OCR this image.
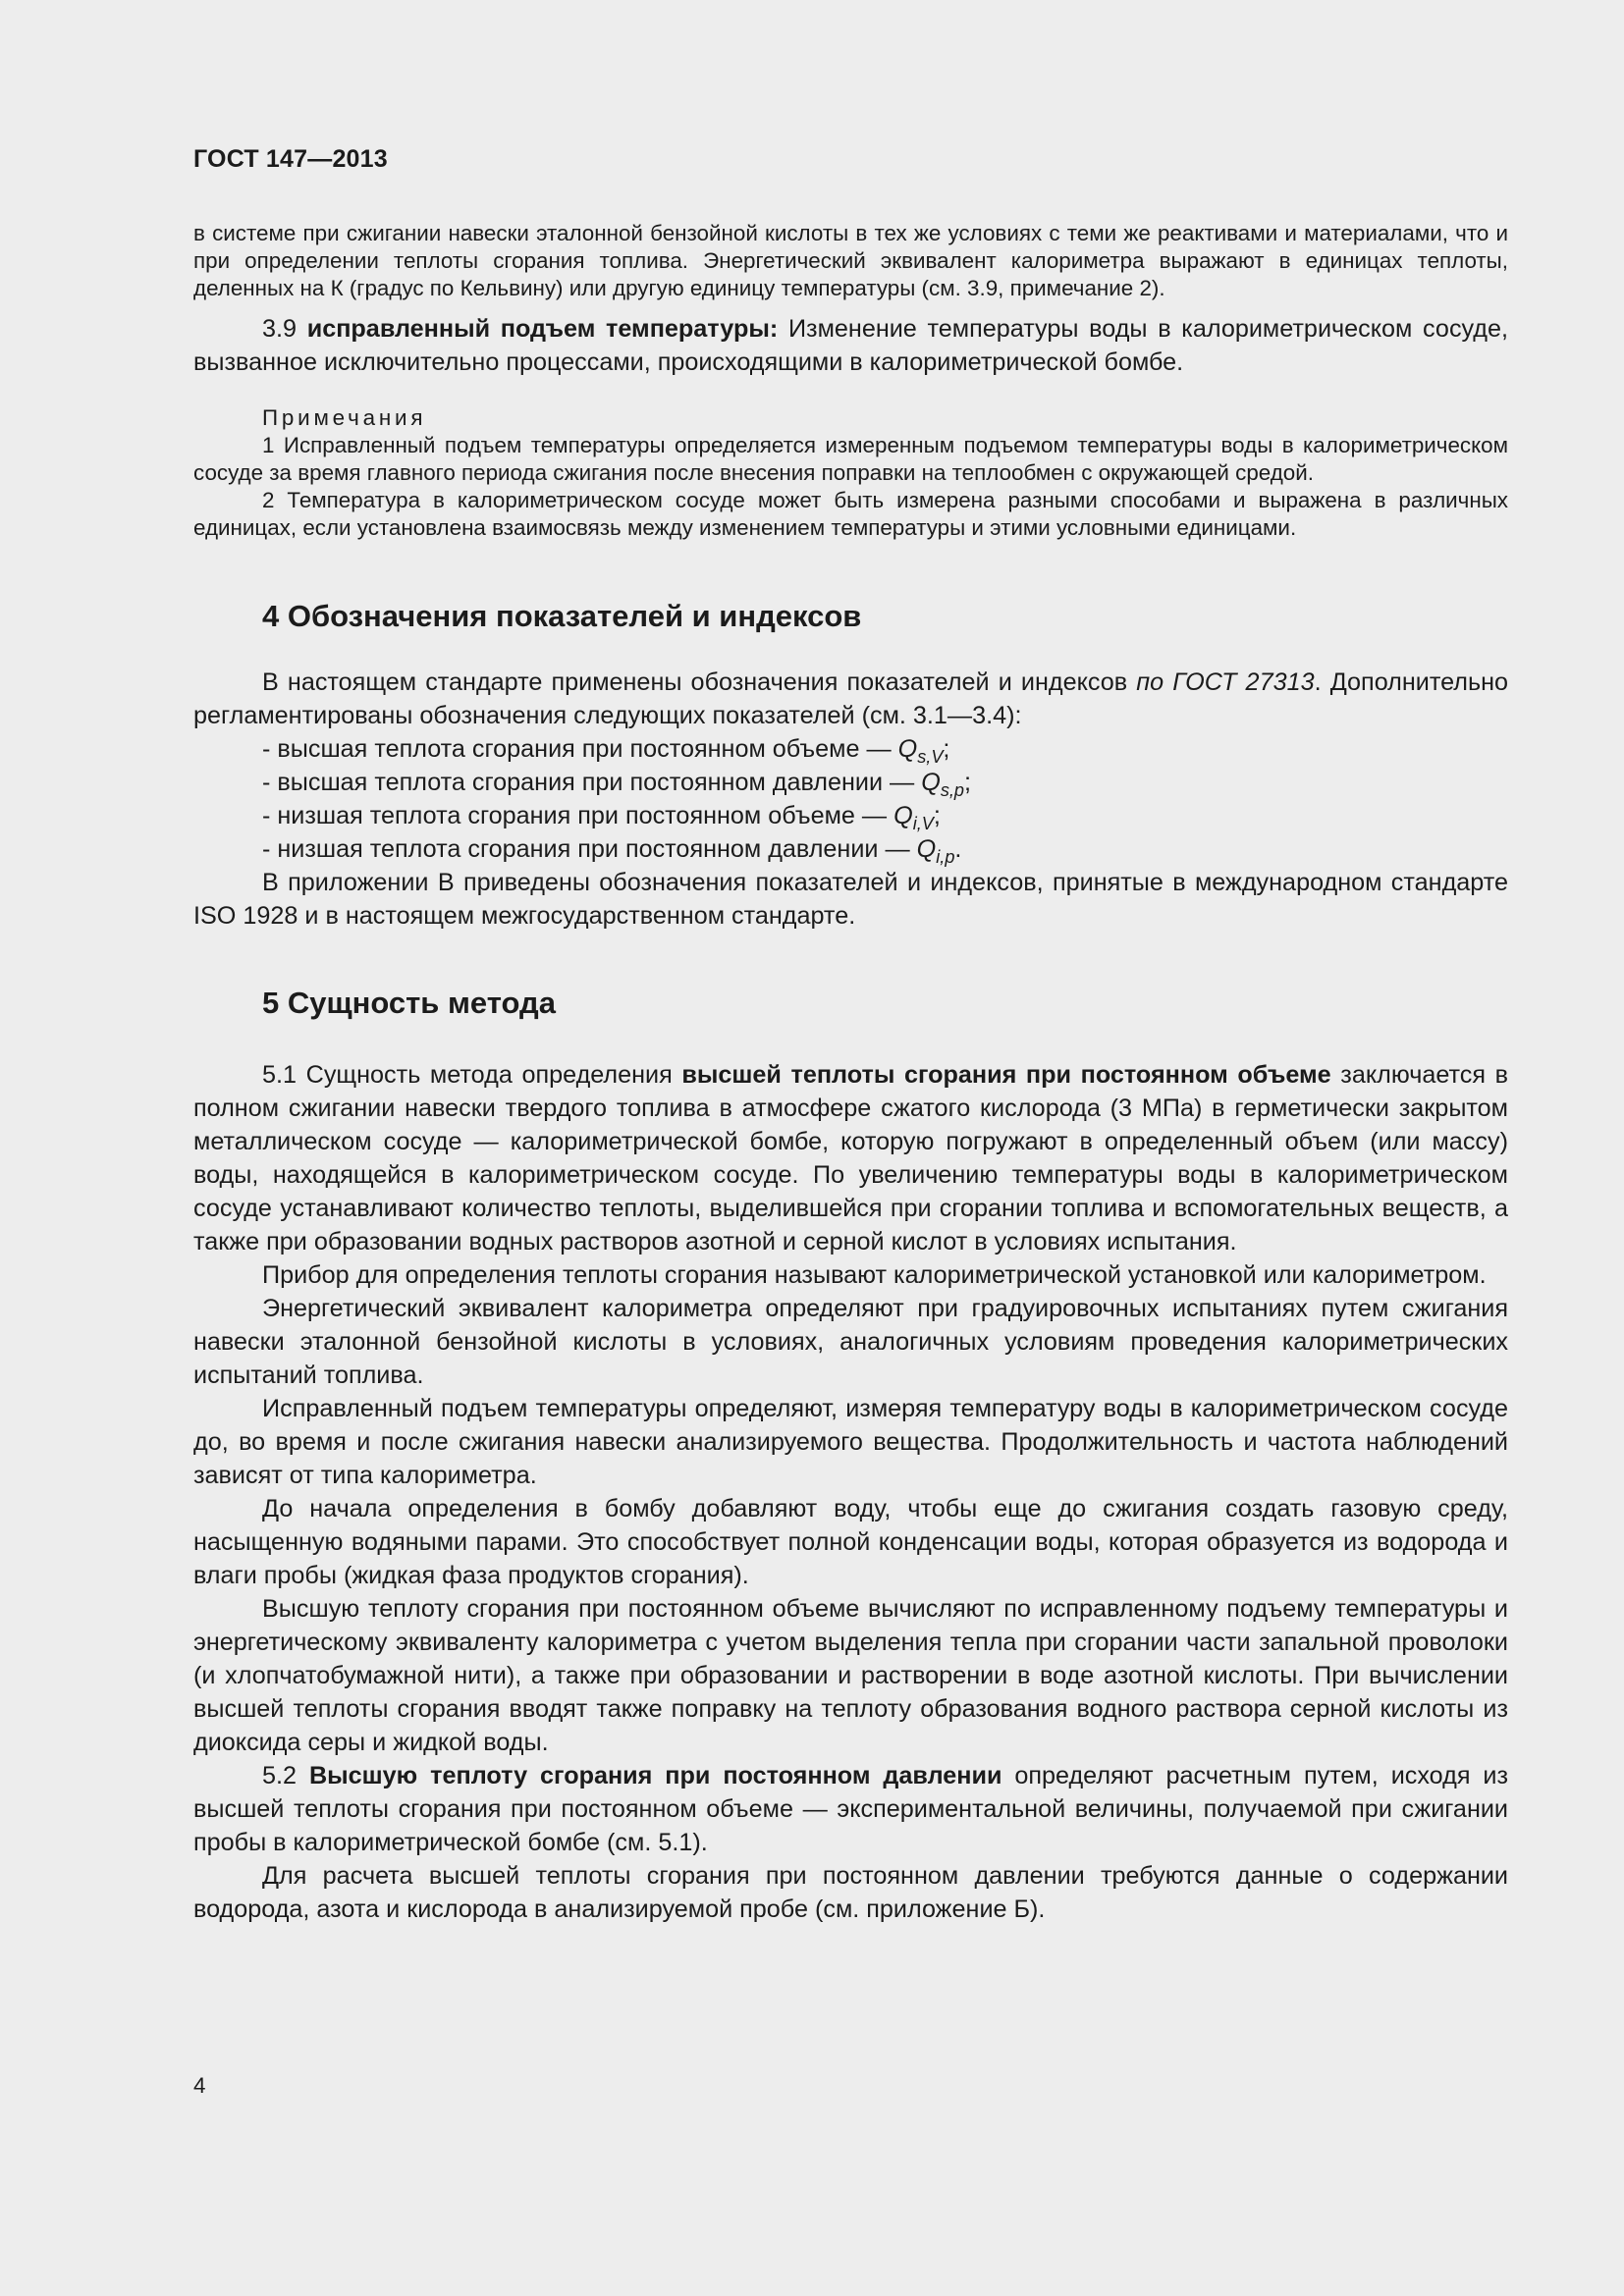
ГОСТ 147—2013

в системе при сжигании навески эталонной бензойной кислоты в тех же условиях с теми же реактивами и материалами, что и при определении теплоты сгорания топлива. Энергетический эквивалент калориметра выражают в единицах теплоты, деленных на К (градус по Кельвину) или другую единицу температуры (см. 3.9, примечание 2).

3.9 исправленный подъем температуры: Изменение температуры воды в калориметрическом сосуде, вызванное исключительно процессами, происходящими в калориметрической бомбе.

Примечания

1 Исправленный подъем температуры определяется измеренным подъемом температуры воды в калориметрическом сосуде за время главного периода сжигания после внесения поправки на теплообмен с окружающей средой.

2 Температура в калориметрическом сосуде может быть измерена разными способами и выражена в различных единицах, если установлена взаимосвязь между изменением температуры и этими условными единицами.

4 Обозначения показателей и индексов

В настоящем стандарте применены обозначения показателей и индексов по ГОСТ 27313. Дополнительно регламентированы обозначения следующих показателей (см. 3.1—3.4):

- высшая теплота сгорания при постоянном объеме — $Q_{s,V}$;
- высшая теплота сгорания при постоянном давлении — $Q_{s,p}$;
- низшая теплота сгорания при постоянном объеме — $Q_{i,V}$;
- низшая теплота сгорания при постоянном давлении — $Q_{i,p}$.

В приложении В приведены обозначения показателей и индексов, принятые в международном стандарте ISO 1928 и в настоящем межгосударственном стандарте.

5 Сущность метода

5.1 Сущность метода определения высшей теплоты сгорания при постоянном объеме заключается в полном сжигании навески твердого топлива в атмосфере сжатого кислорода (3 МПа) в герметически закрытом металлическом сосуде — калориметрической бомбе, которую погружают в определенный объем (или массу) воды, находящейся в калориметрическом сосуде. По увеличению температуры воды в калориметрическом сосуде устанавливают количество теплоты, выделившейся при сгорании топлива и вспомогательных веществ, а также при образовании водных растворов азотной и серной кислот в условиях испытания.

Прибор для определения теплоты сгорания называют калориметрической установкой или калориметром.

Энергетический эквивалент калориметра определяют при градуировочных испытаниях путем сжигания навески эталонной бензойной кислоты в условиях, аналогичных условиям проведения калориметрических испытаний топлива.

Исправленный подъем температуры определяют, измеряя температуру воды в калориметрическом сосуде до, во время и после сжигания навески анализируемого вещества. Продолжительность и частота наблюдений зависят от типа калориметра.

До начала определения в бомбу добавляют воду, чтобы еще до сжигания создать газовую среду, насыщенную водяными парами. Это способствует полной конденсации воды, которая образуется из водорода и влаги пробы (жидкая фаза продуктов сгорания).

Высшую теплоту сгорания при постоянном объеме вычисляют по исправленному подъему температуры и энергетическому эквиваленту калориметра с учетом выделения тепла при сгорании части запальной проволоки (и хлопчатобумажной нити), а также при образовании и растворении в воде азотной кислоты. При вычислении высшей теплоты сгорания вводят также поправку на теплоту образования водного раствора серной кислоты из диоксида серы и жидкой воды.

5.2 Высшую теплоту сгорания при постоянном давлении определяют расчетным путем, исходя из высшей теплоты сгорания при постоянном объеме — экспериментальной величины, получаемой при сжигании пробы в калориметрической бомбе (см. 5.1).

Для расчета высшей теплоты сгорания при постоянном давлении требуются данные о содержании водорода, азота и кислорода в анализируемой пробе (см. приложение Б).

4
